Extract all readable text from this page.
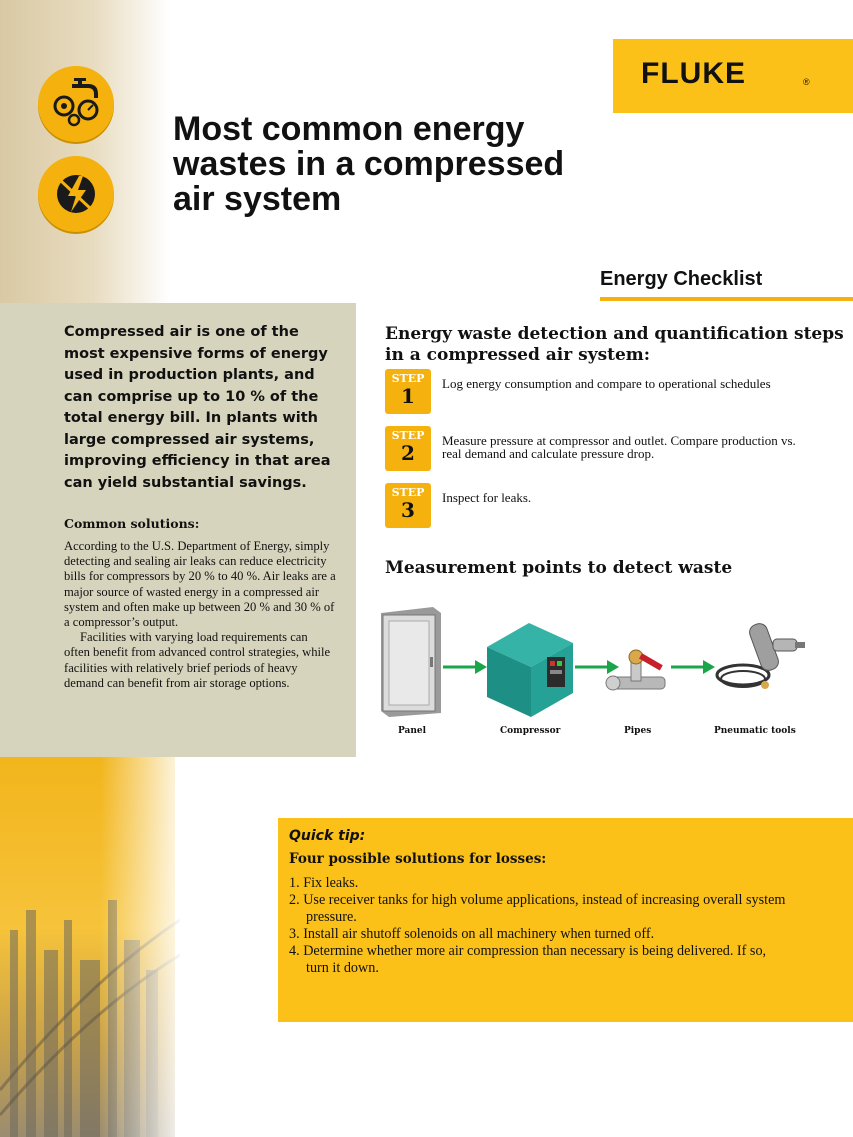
FLUKE	®
Most common energy wastes in a compressed air system
Energy Checklist

Compressed air is one of the most expensive forms of energy used in production plants, and can comprise up to 10 % of the total energy bill. In plants with large compressed air systems, improving efficiency in that area can yield substantial savings.

Common solutions:

According to the U.S. Department of Energy, simply detecting and sealing air leaks can reduce electricity bills for compressors by 20 % to 40 %. Air leaks are a major source of wasted energy in a compressed air system and often make up between 20 % and 30 % of a compressor’s output.

Facilities with varying load requirements can often benefit from advanced control strategies, while facilities with relatively brief periods of heavy demand can benefit from air storage options.

Energy waste detection and quantification steps in a compressed air system:
STEP
1
Log energy consumption and compare to operational schedules
STEP
2
Measure pressure at compressor and outlet. Compare production vs. real demand and calculate pressure drop.
STEP
3
Inspect for leaks.
Measurement points to detect waste
Panel	Compressor	Pipes	Pneumatic tools
Quick tip:
Four possible solutions for losses:
1. Fix leaks.
2. Use receiver tanks for high volume applications, instead of increasing overall system pressure.
3. Install air shutoff solenoids on all machinery when turned off.
4. Determine whether more air compression than necessary is being delivered. If so, turn it down.
